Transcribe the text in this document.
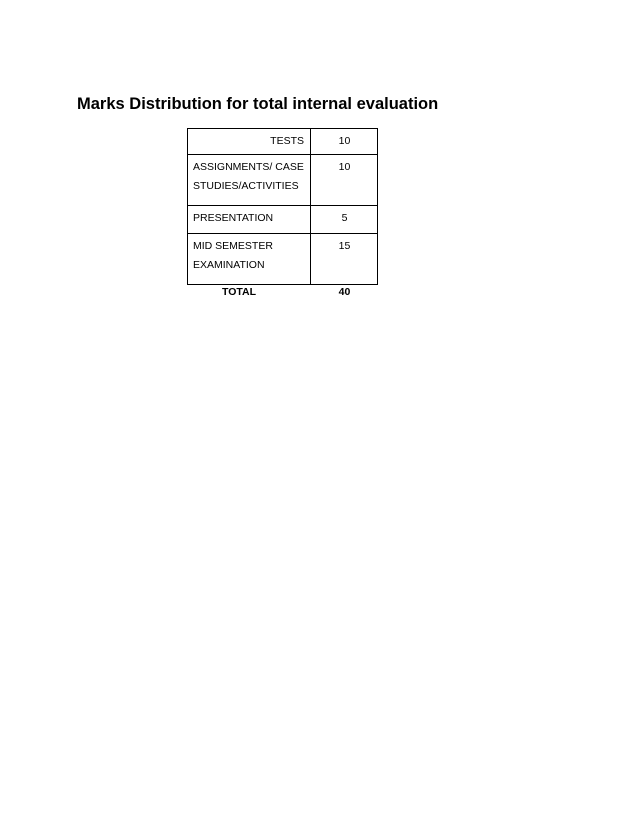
Marks Distribution for total internal evaluation
TESTS	10

ASSIGNMENTS/ CASE
STUDIES/ACTIVITIES	10
PRESENTATION	5

MID SEMESTER
EXAMINATION	15
TOTAL	40
